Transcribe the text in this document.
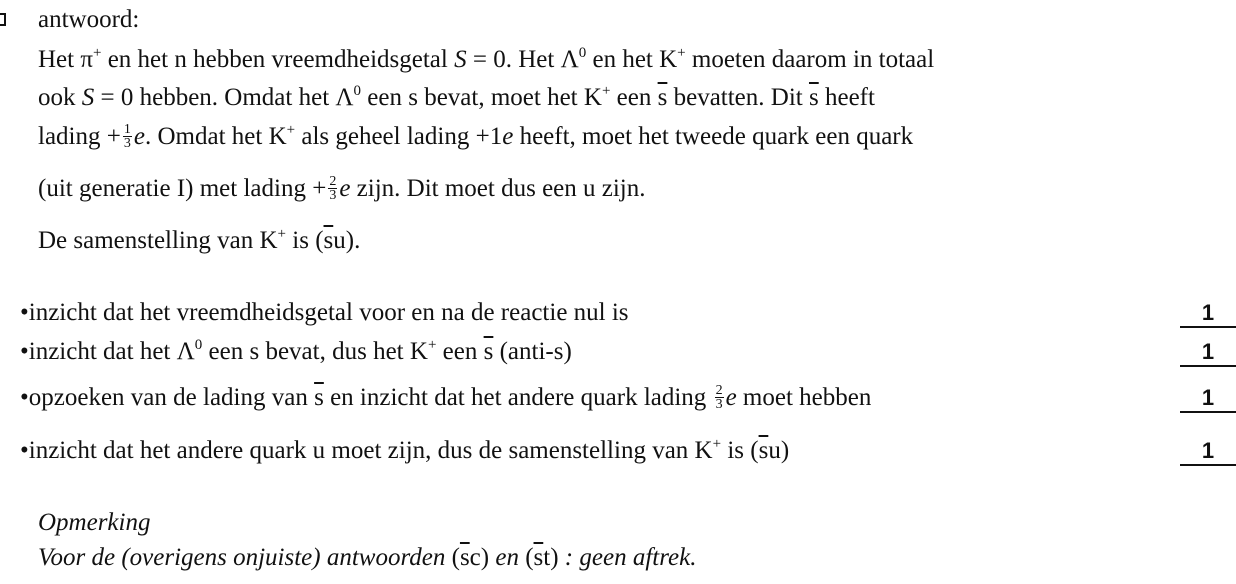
antwoord:
Het π+ en het n hebben vreemdheidsgetal S = 0. Het $\Lambda^0$ en het K+ moeten daarom in totaal
ook S = 0 hebben. Omdat het $\Lambda^0$ een s bevat, moet het K+ een $\overline{s}$ bevatten. Dit $\overline{s}$ heeft
lading + $\frac{1}{3} e$. Omdat het K+ als geheel lading +1e heeft, moet het tweede quark een quark
(uit generatie I) met lading + $\frac{2}{3}$ e zijn. Dit moet dus een u zijn.
De samenstelling van K+ is $(\overline{s}u)$.
•inzicht dat het vreemdheidsgetal voor en na de reactie nul is	1
•inzicht dat het $\Lambda^0$ een s bevat, dus het K+ een $\overline{s}$ (anti-s)	1
•opzoeken van de lading van $\overline{s}$ en inzicht dat het andere quark lading $\frac{2}{3}$ e moet hebben	1
•inzicht dat het andere quark u moet zijn, dus de samenstelling van K+ is $(\overline{s}u)$	1
Opmerking
Voor de (overigens onjuiste) antwoorden $(\overline{s}c)$ en $(\overline{s}t)$ : geen aftrek.
